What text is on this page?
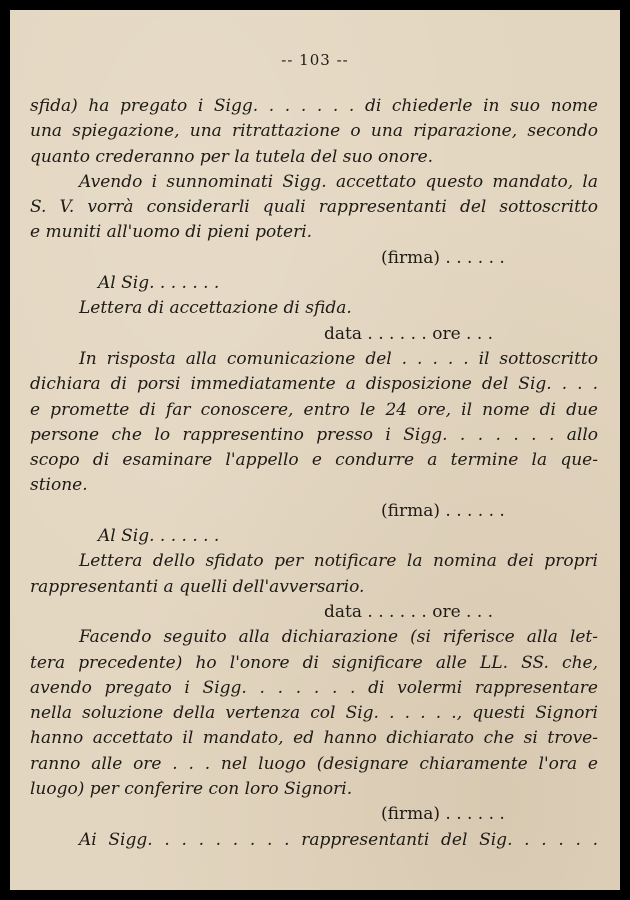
-- 103 --
sfida) ha pregato i Sigg. . . . . . . di chiederle in suo nome
una spiegazione, una ritrattazione o una riparazione, secondo
quanto crederanno per la tutela del suo onore.
Avendo i sunnominati Sigg. accettato questo mandato, la
S. V. vorrà considerarli quali rappresentanti del sottoscritto
e muniti all'uomo di pieni poteri.
(firma) . . . . . .
Al Sig. . . . . . .
Lettera di accettazione di sfida.
data . . . . . . ore . . .
In risposta alla comunicazione del . . . . . il sottoscritto
dichiara di porsi immediatamente a disposizione del Sig. . . .
e promette di far conoscere, entro le 24 ore, il nome di due
persone che lo rappresentino presso i Sigg. . . . . . . allo
scopo di esaminare l'appello e condurre a termine la que-
stione.
(firma) . . . . . .
Al Sig. . . . . . .
Lettera dello sfidato per notificare la nomina dei propri
rappresentanti a quelli dell'avversario.
data . . . . . . ore . . .
Facendo seguito alla dichiarazione (si riferisce alla let-
tera precedente) ho l'onore di significare alle LL. SS. che,
avendo pregato i Sigg. . . . . . . di volermi rappresentare
nella soluzione della vertenza col Sig. . . . . ., questi Signori
hanno accettato il mandato, ed hanno dichiarato che si trove-
ranno alle ore . . . nel luogo (designare chiaramente l'ora e
luogo) per conferire con loro Signori.
(firma) . . . . . .
Ai Sigg. . . . . . . . . rappresentanti del Sig. . . . . .
